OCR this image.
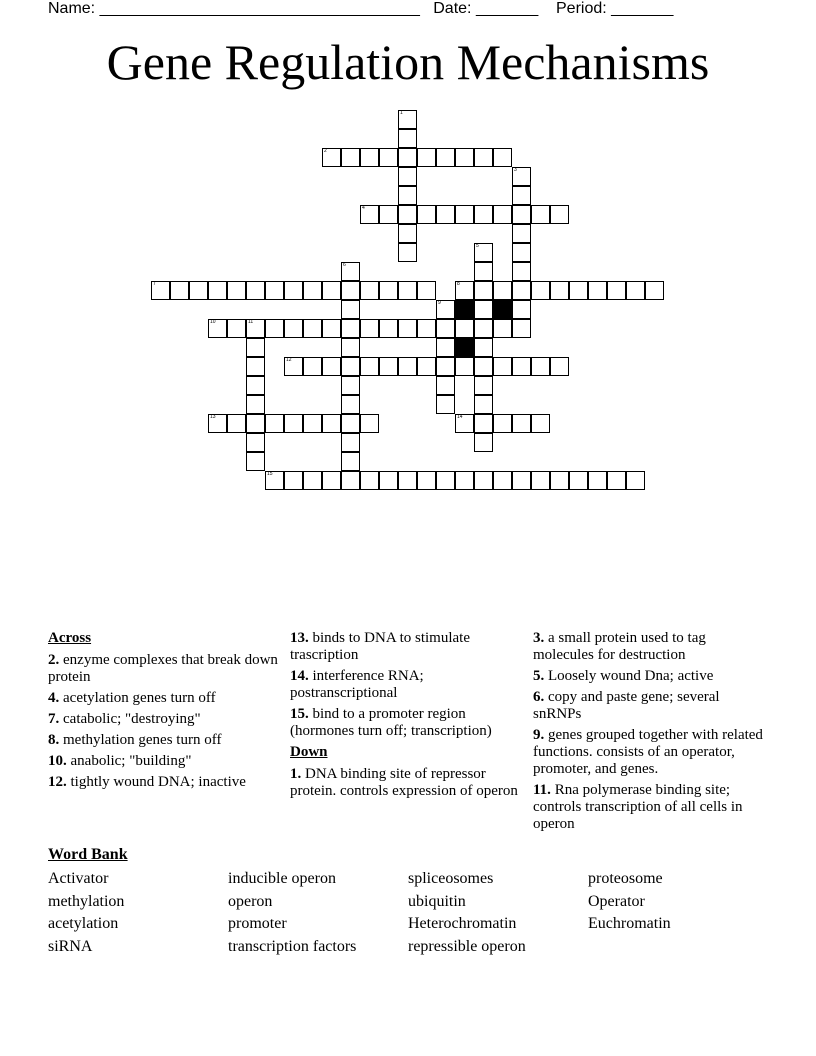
Name: ____________________________________   Date: _______    Period: _______
Gene Regulation Mechanisms
1
2
3
4
5
6
7	8
9
10	11
12
13	14
15
Across
2. enzyme complexes that break down protein
4. acetylation genes turn off
7. catabolic; "destroying"
8. methylation genes turn off
10. anabolic; "building"
12. tightly wound DNA; inactive
13. binds to DNA to stimulate trascription
14. interference RNA; postranscriptional
15. bind to a promoter region (hormones turn off; transcription)
Down
1. DNA binding site of repressor protein. controls expression of operon
3. a small protein used to tag molecules for destruction
5. Loosely wound Dna; active
6. copy and paste gene; several snRNPs
9. genes grouped together with related functions. consists of an operator, promoter, and genes.
11. Rna polymerase binding site; controls transcription of all cells in operon
Word Bank
Activator	inducible operon	spliceosomes	proteosome
methylation	operon	ubiquitin	Operator
acetylation	promoter	Heterochromatin	Euchromatin
siRNA	transcription factors	repressible operon
